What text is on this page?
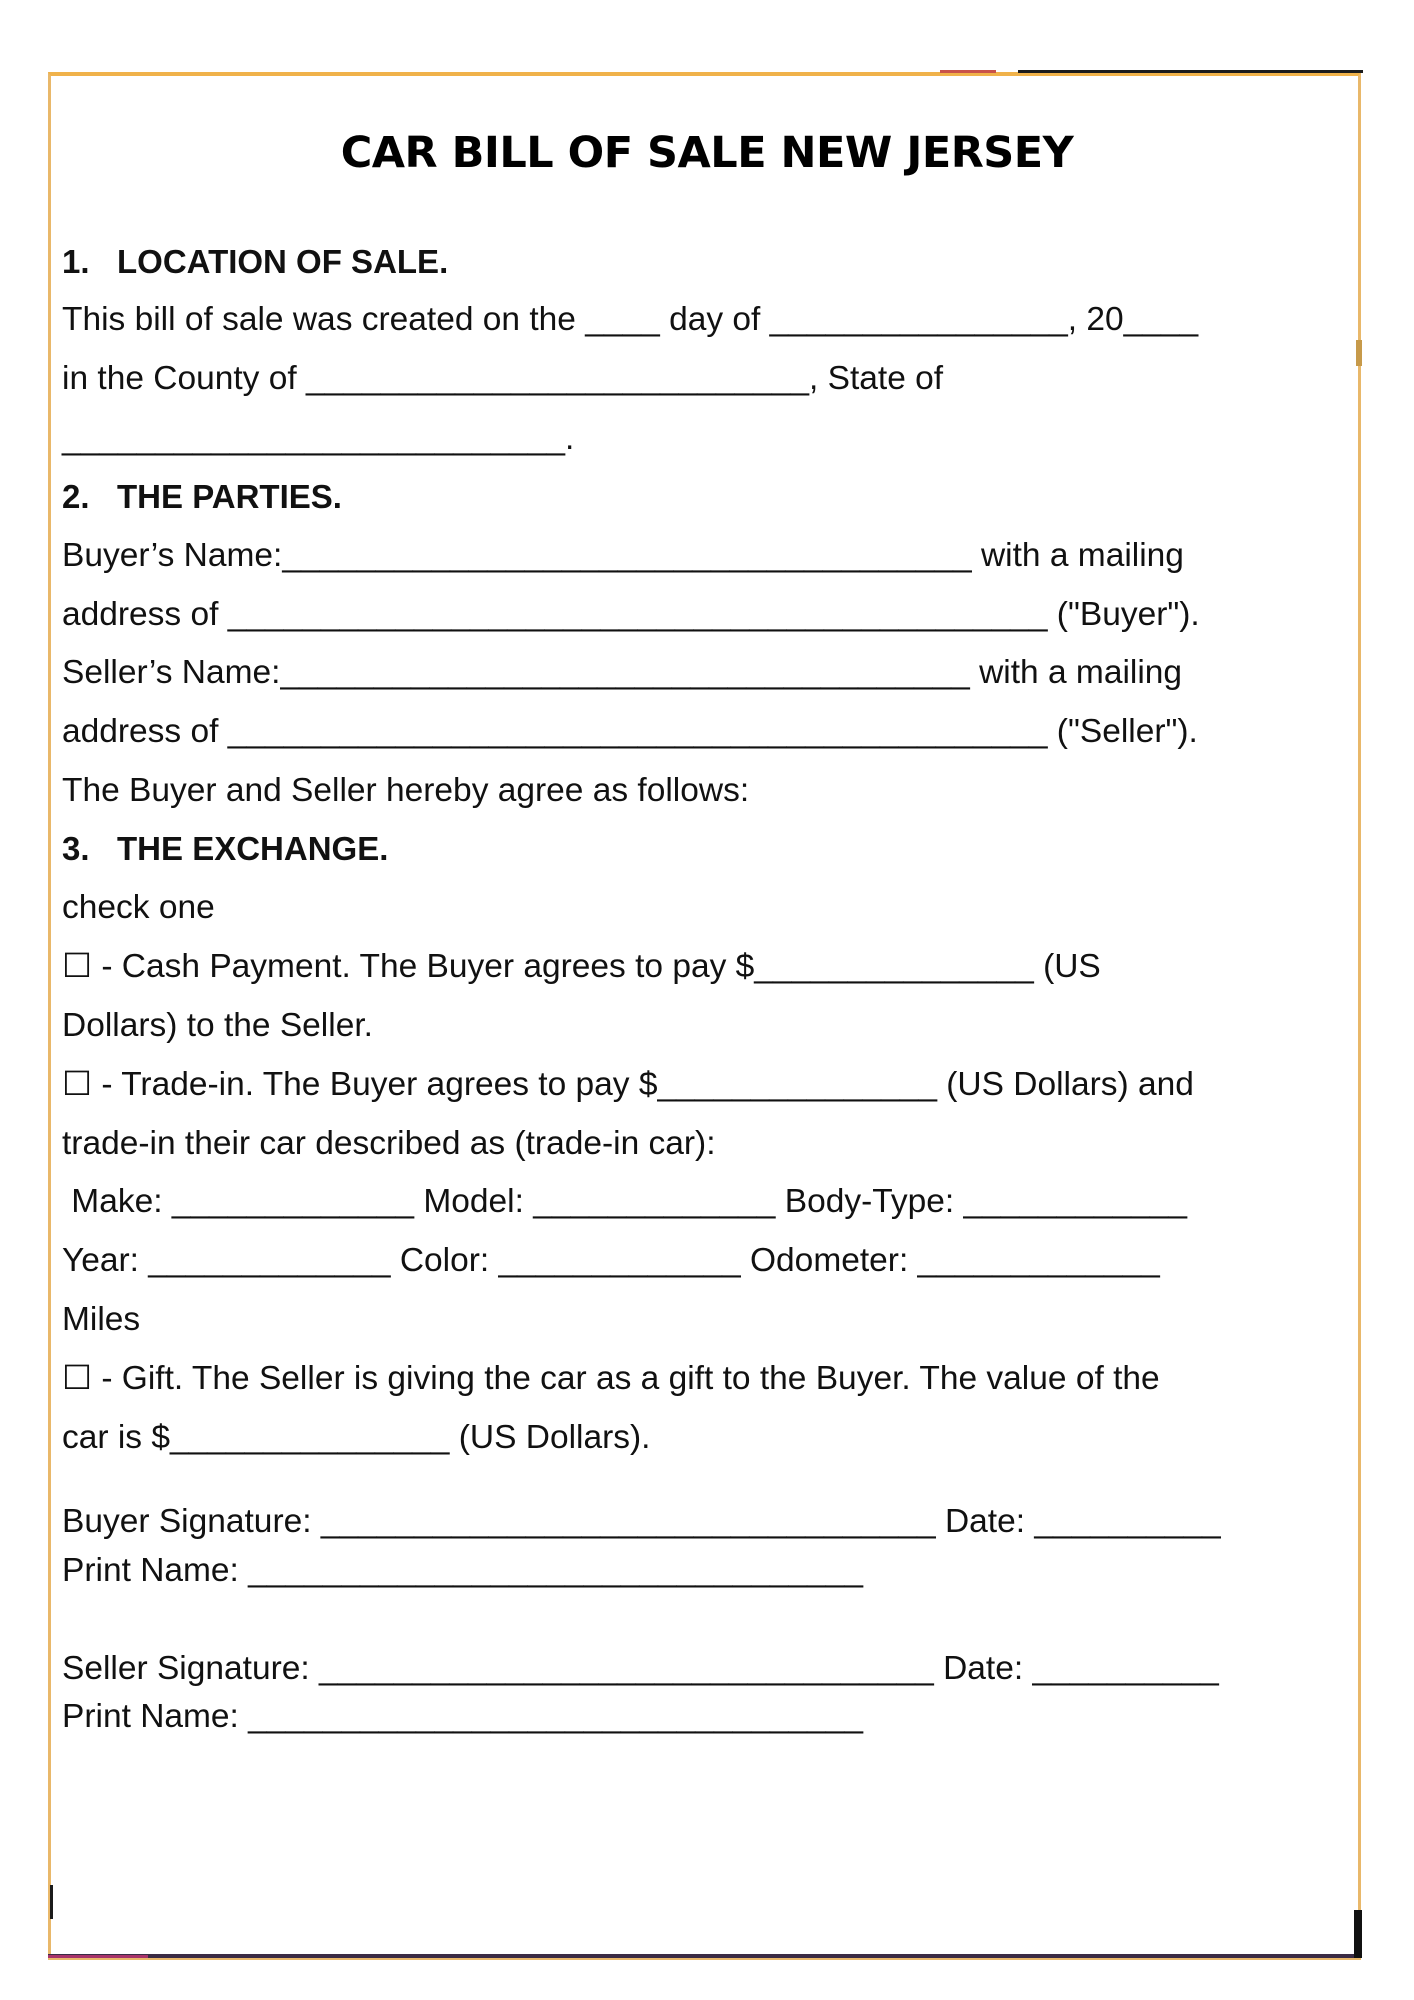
CAR BILL OF SALE NEW JERSEY
1.   LOCATION OF SALE.
This bill of sale was created on the ____ day of ________________, 20____
in the County of ___________________________, State of
___________________________.
2.   THE PARTIES.
Buyer’s Name:_____________________________________ with a mailing
address of ____________________________________________ ("Buyer").
Seller’s Name:_____________________________________ with a mailing
address of ____________________________________________ ("Seller").
The Buyer and Seller hereby agree as follows:
3.   THE EXCHANGE.
check one
☐ - Cash Payment. The Buyer agrees to pay $_______________ (US
Dollars) to the Seller.
☐ - Trade-in. The Buyer agrees to pay $_______________ (US Dollars) and
trade-in their car described as (trade-in car):
Make: _____________ Model: _____________ Body-Type: ____________
Year: _____________ Color: _____________ Odometer: _____________
Miles
☐ - Gift. The Seller is giving the car as a gift to the Buyer. The value of the
car is $_______________ (US Dollars).
Buyer Signature: _________________________________ Date: __________
Print Name: _________________________________
Seller Signature: _________________________________ Date: __________
Print Name: _________________________________
